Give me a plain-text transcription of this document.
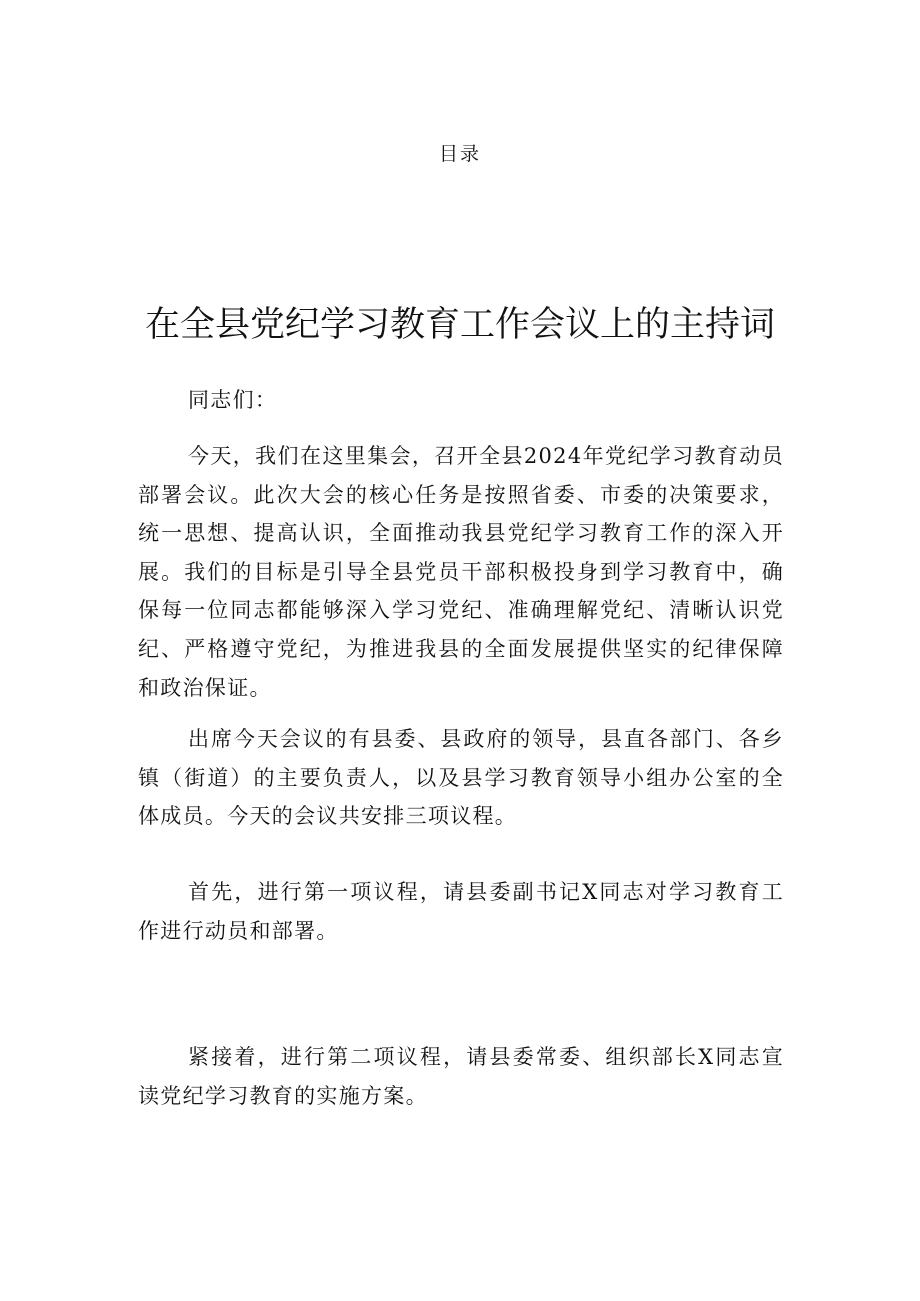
目录
在全县党纪学习教育工作会议上的主持词

同志们：

今天，我们在这里集会，召开全县2024年党纪学习教育动员部署会议。此次大会的核心任务是按照省委、市委的决策要求，统一思想、提高认识，全面推动我县党纪学习教育工作的深入开展。我们的目标是引导全县党员干部积极投身到学习教育中，确保每一位同志都能够深入学习党纪、准确理解党纪、清晰认识党纪、严格遵守党纪，为推进我县的全面发展提供坚实的纪律保障和政治保证。

出席今天会议的有县委、县政府的领导，县直各部门、各乡镇（街道）的主要负责人，以及县学习教育领导小组办公室的全体成员。今天的会议共安排三项议程。

首先，进行第一项议程，请县委副书记X同志对学习教育工作进行动员和部署。

紧接着，进行第二项议程，请县委常委、组织部长X同志宣读党纪学习教育的实施方案。
